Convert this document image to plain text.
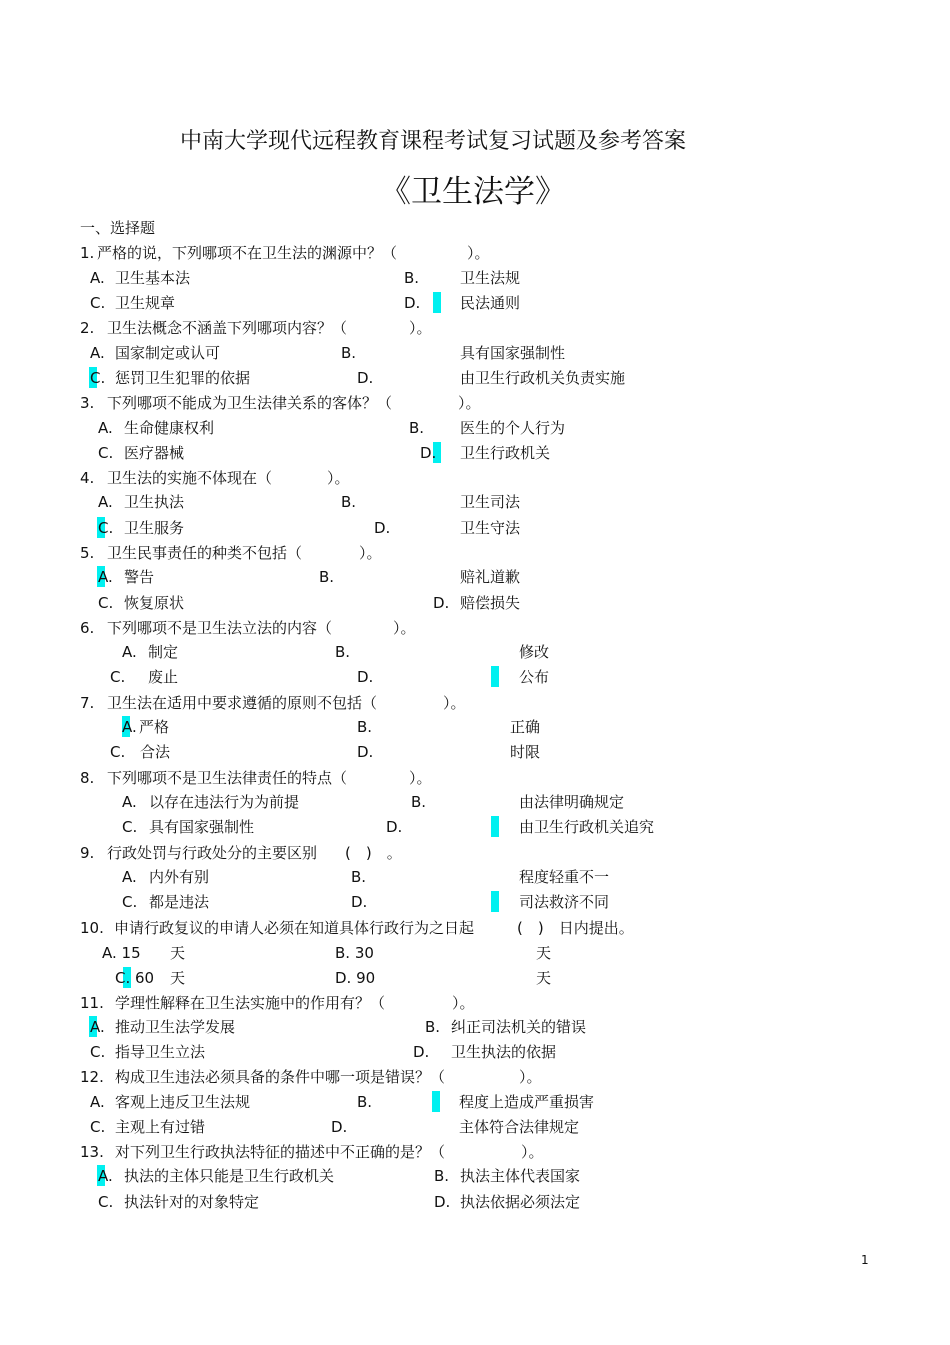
中南大学现代远程教育课程考试复习试题及参考答案
《卫生法学》
一、选择题
1
1. 严格的说，下列哪项不在卫生法的渊源中？（	）。
A. 卫生基本法	B.	卫生法规
C. 卫生规章	D.	民法通则
2. 卫生法概念不涵盖下列哪项内容？（	）。
A. 国家制定或认可	B.	具有国家强制性
C. 惩罚卫生犯罪的依据	D.	由卫生行政机关负责实施
3. 下列哪项不能成为卫生法律关系的客体？（	）。
A. 生命健康权利	B. 医生的个人行为
C. 医疗器械	D. 卫生行政机关
4. 卫生法的实施不体现在（	）。
A. 卫生执法	B.	卫生司法
C. 卫生服务	D.	卫生守法
5. 卫生民事责任的种类不包括（	）。
A. 警告	B.	赔礼道歉
C. 恢复原状	D. 赔偿损失
6. 下列哪项不是卫生法立法的内容（	）。
A. 制定	B.	修改
C. 废止	D.	公布
7. 卫生法在适用中要求遵循的原则不包括（	）。
A. 严格	B.	正确
C. 合法	D.	时限
8. 下列哪项不是卫生法律责任的特点（	）。
A. 以存在违法行为为前提	B.	由法律明确规定
C. 具有国家强制性	D.	由卫生行政机关追究
9. 行政处罚与行政处分的主要区别 (　)　。
A. 内外有别	B.	程度轻重不一
C. 都是违法	D.	司法救济不同
10. 申请行政复议的申请人必须在知道具体行政行为之日起	(　)　日内提出。
A. 15 天	B. 30	天
C. 60 天	D. 90	天
11. 学理性解释在卫生法实施中的作用有？（	）。
A. 推动卫生法学发展	B. 纠正司法机关的错误
C. 指导卫生立法	D. 卫生执法的依据
12. 构成卫生违法必须具备的条件中哪一项是错误？（	）。
A. 客观上违反卫生法规	B.	程度上造成严重损害
C. 主观上有过错	D.	主体符合法律规定
13. 对下列卫生行政执法特征的描述中不正确的是？（	）。
A. 执法的主体只能是卫生行政机关	B. 执法主体代表国家
C. 执法针对的对象特定	D. 执法依据必须法定
